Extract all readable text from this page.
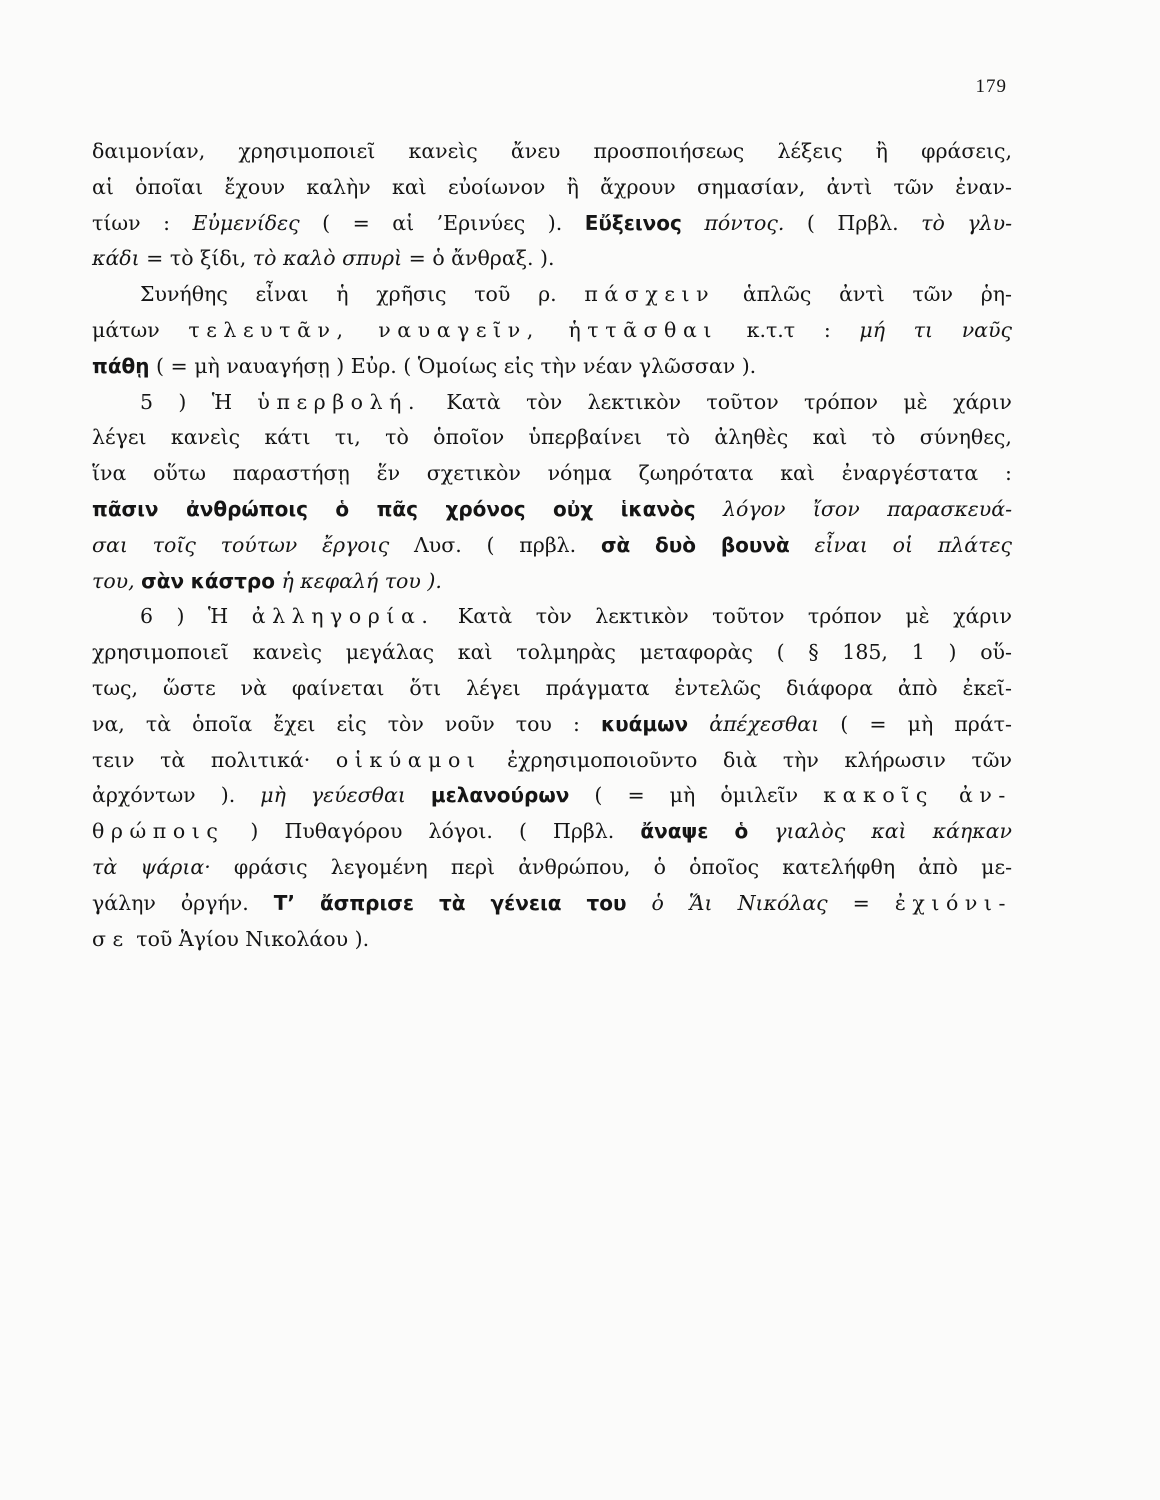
179
δαιμονίαν, χρησιμοποιεῖ κανεὶς ἄνευ προσποιήσεως λέξεις ἢ φράσεις,
αἱ ὁποῖαι ἔχουν καλὴν καὶ εὐοίωνον ἢ ἄχρουν σημασίαν, ἀντὶ τῶν ἐναν-
τίων : Εὐμενίδες ( = αἱ ’Ερινύες ). Εὔξεινος πόντος. ( Πρβλ. τὸ γλυ-
κάδι = τὸ ξίδι, τὸ καλὸ σπυρὶ = ὁ ἄνθραξ. ).
Συνήθης εἶναι ἡ χρῆσις τοῦ ρ. πάσχειν ἁπλῶς ἀντὶ τῶν ῥη-
μάτων τελευτᾶν, ναυαγεῖν, ἡττᾶσθαι κ.τ.τ : μή τι ναῦς
πάθῃ ( = μὴ ναυαγήσῃ ) Εὐρ. ( Ὁμοίως εἰς τὴν νέαν γλῶσσαν ).
5 ) Ἡ ὑπερβολή. Κατὰ τὸν λεκτικὸν τοῦτον τρόπον μὲ χάριν
λέγει κανεὶς κάτι τι, τὸ ὁποῖον ὑπερβαίνει τὸ ἀληθὲς καὶ τὸ σύνηθες,
ἵνα οὕτω παραστήσῃ ἕν σχετικὸν νόημα ζωηρότατα καὶ ἐναργέστατα :
πᾶσιν ἀνθρώποις ὁ πᾶς χρόνος οὐχ ἱκανὸς λόγον ἴσον παρασκευά-
σαι τοῖς τούτων ἔργοις Λυσ. ( πρβλ. σὰ δυὸ βουνὰ εἶναι οἱ πλάτες
του, σὰν κάστρο ἡ κεφαλή του ).
6 ) Ἡ ἀλληγορία. Κατὰ τὸν λεκτικὸν τοῦτον τρόπον μὲ χάριν
χρησιμοποιεῖ κανεὶς μεγάλας καὶ τολμηρὰς μεταφορὰς ( § 185, 1 ) οὕ-
τως, ὥστε νὰ φαίνεται ὅτι λέγει πράγματα ἐντελῶς διάφορα ἀπὸ ἐκεῖ-
να, τὰ ὁποῖα ἔχει εἰς τὸν νοῦν του : κυάμων ἀπέχεσθαι ( = μὴ πράτ-
τειν τὰ πολιτικά· οἱκύαμοι ἐχρησιμοποιοῦντο διὰ τὴν κλήρωσιν τῶν
ἀρχόντων ). μὴ γεύεσθαι μελανούρων ( = μὴ ὁμιλεῖν κακοῖς ἀν-
θρώποις ) Πυθαγόρου λόγοι. ( Πρβλ. ἄναψε ὁ γιαλὸς καὶ κάηκαν
τὰ ψάρια· φράσις λεγομένη περὶ ἀνθρώπου, ὁ ὁποῖος κατελήφθη ἀπὸ με-
γάλην ὀργήν. Τ’ ἄσπρισε τὰ γένεια του ὁ Ἅι Νικόλας = ἐχιόνι-
σε τοῦ Ἁγίου Νικολάου ).
